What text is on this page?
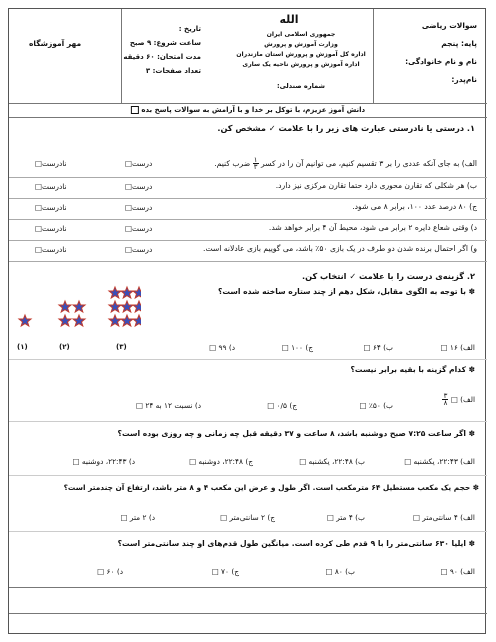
سوالات ریاضی
پایه: پنجم
نام و نام خانوادگی:
نام‌پدر:
الله
جمهوری اسلامی ایران
وزارت آموزش و پرورش
اداره کل آموزش و پرورش استان مازندران
اداره آموزش و پرورش ناحیه یک ساری
شماره صندلی:
تاریخ :
ساعت شروع: ۹ صبح
مدت امتحان: ۶۰ دقیقه
تعداد صفحات: ۳
مهر آموزشگاه
دانش آموز عزیزم، با توکل بر خدا و با آرامش به سوالات پاسخ بده
۱. درستی یا نادرستی عبارت های زیر را با علامت ✓ مشخص کن.
الف) به جای آنکه عددی را بر ۳ تقسیم کنیم، می توانیم آن را در کسر
$\frac{۱}{۳}$
ضرب کنیم.
درست□
نادرست□
ب) هر شکلی که تقارن محوری دارد حتما تقارن مرکزی نیز دارد.
درست□
نادرست□
ج) ۸۰ درصد عدد ۱۰۰، برابر ۸ می شود.
درست□
نادرست□
د) وقتی شعاع دایره ۲ برابر می شود، محیط آن ۴ برابر خواهد شد.
درست□
نادرست□
و) اگر احتمال برنده شدن دو طرف در یک بازی ۵۰٪ باشد، می گوییم بازی عادلانه است.
درست□
نادرست□
۲. گزینه‌ی درست را با علامت ✓ انتخاب کن.
(۱)	(۲)	(۳)
✽ با توجه به الگوی مقابل، شکل دهم از چند ستاره ساخته شده است؟
الف) ۱۶ □
ب) ۶۴ □
ج) ۱۰۰ □
د) ۹۹ □
✽ کدام گزینه با بقیه برابر نیست؟
الف) □
$\frac{۳}{۸}$
ب) ۵۰٪ □
ج) ۰/۵ □
د) نسبت ۱۲ به ۲۴ □
✽ اگر ساعت ۷:۲۵ صبح دوشنبه باشد، ۸ ساعت و ۳۷ دقیقه قبل چه زمانی و چه روزی بوده است؟
الف) ۲۲:۴۳، یکشنبه □
ب) ۲۲:۴۸، یکشنبه □
ج) ۲۲:۴۸، دوشنبه □
د) ۲۲:۴۳، دوشنبه □
✽ حجم یک مکعب مستطیل ۶۴ مترمکعب است. اگر طول و عرض این مکعب ۴ و ۸ متر باشد، ارتفاع آن چندمتر است؟
الف) ۴ سانتی‌متر □
ب) ۴ متر □
ج) ۲ سانتی‌متر □
د) ۲ متر □
✽ ایلیا ۶۳۰ سانتی‌متر را با ۹ قدم طی کرده است. میانگین طول قدم‌های او چند سانتی‌متر است؟
الف) ۹۰ □
ب) ۸۰ □
ج) ۷۰ □
د) ۶۰ □
